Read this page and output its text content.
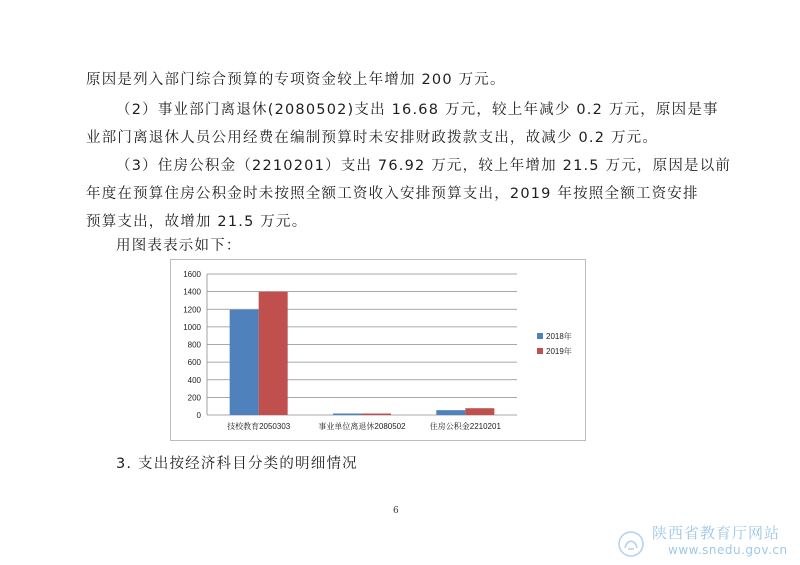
原因是列入部门综合预算的专项资金较上年增加 200 万元。

（2）事业部门离退休(2080502)支出 16.68 万元，较上年减少 0.2 万元，原因是事

业部门离退休人员公用经费在编制预算时未安排财政拨款支出，故减少 0.2 万元。

（3）住房公积金（2210201）支出 76.92 万元，较上年增加 21.5 万元，原因是以前

年度在预算住房公积金时未按照全额工资收入安排预算支出，2019 年按照全额工资安排

预算支出，故增加 21.5 万元。

用图表表示如下：

0
200
400
600
800
1000
1200
1400
1600
技校教育2050303	事业单位离退休2080502	住房公积金2210201
2018年
2019年

3. 支出按经济科目分类的明细情况

6
陕西省教育厅网站
www.snedu.gov.cn
